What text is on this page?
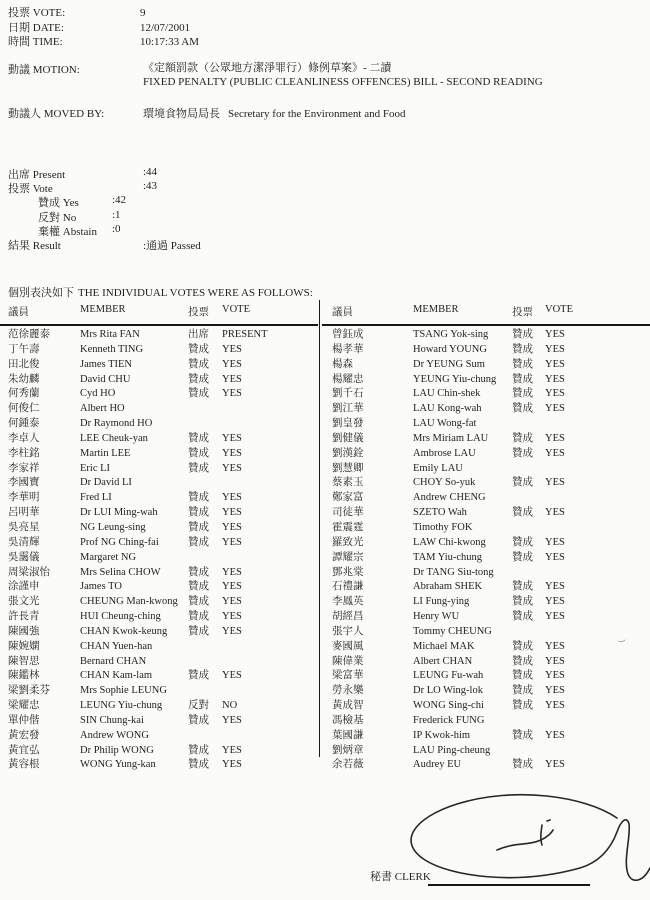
投票 VOTE:	9
日期 DATE:	12/07/2001
時間 TIME:	10:17:33 AM
動議 MOTION:	《定額罰款（公眾地方潔淨罪行）條例草案》- 二讀
FIXED PENALTY (PUBLIC CLEANLINESS OFFENCES) BILL - SECOND READING
動議人 MOVED BY:	環境食物局局長 Secretary for the Environment and Food
出席 Present	:44
投票 Vote	:43
贊成 Yes	:42
反對 No	:1
棄權 Abstain :0
結果 Result	:通過 Passed
個別表決如下 THE INDIVIDUAL VOTES WERE AS FOLLOWS:
議員	MEMBER	投票	VOTE
范徐麗泰	Mrs Rita FAN	出席	PRESENT
丁午壽	Kenneth TING	贊成	YES
田北俊	James TIEN	贊成	YES
朱幼麟	David CHU	贊成	YES
何秀蘭	Cyd HO	贊成	YES
何俊仁	Albert HO
何鍾泰	Dr Raymond HO
李卓人	LEE Cheuk-yan	贊成	YES
李柱銘	Martin LEE	贊成	YES
李家祥	Eric LI	贊成	YES
李國寶	Dr David LI
李華明	Fred LI	贊成	YES
呂明華	Dr LUI Ming-wah	贊成	YES
吳亮星	NG Leung-sing	贊成	YES
吳清輝	Prof NG Ching-fai	贊成	YES
吳靄儀	Margaret NG
周梁淑怡	Mrs Selina CHOW	贊成	YES
涂謹申	James TO	贊成	YES
張文光	CHEUNG Man-kwong 贊成	YES
許長青	HUI Cheung-ching	贊成	YES
陳國強	CHAN Kwok-keung	贊成	YES
陳婉嫻	CHAN Yuen-han
陳智思	Bernard CHAN
陳鑑林	CHAN Kam-lam	贊成	YES
梁劉柔芬	Mrs Sophie LEUNG
梁耀忠	LEUNG Yiu-chung	反對	NO
單仲偕	SIN Chung-kai	贊成	YES
黃宏發	Andrew WONG
黃宜弘	Dr Philip WONG	贊成	YES
黃容根	WONG Yung-kan	贊成	YES
議員	MEMBER	投票	VOTE
曾鈺成	TSANG Yok-sing	贊成	YES
楊孝華	Howard YOUNG	贊成	YES
楊森	Dr YEUNG Sum	贊成	YES
楊耀忠	YEUNG Yiu-chung	贊成	YES
劉千石	LAU Chin-shek	贊成	YES
劉江華	LAU Kong-wah	贊成	YES
劉皇發	LAU Wong-fat
劉健儀	Mrs Miriam LAU	贊成	YES
劉漢銓	Ambrose LAU	贊成	YES
劉慧卿	Emily LAU
蔡素玉	CHOY So-yuk	贊成	YES
鄭家富	Andrew CHENG
司徒華	SZETO Wah	贊成	YES
霍震霆	Timothy FOK
羅致光	LAW Chi-kwong	贊成	YES
譚耀宗	TAM Yiu-chung	贊成	YES
鄧兆棠	Dr TANG Siu-tong
石禮謙	Abraham SHEK	贊成	YES
李鳳英	LI Fung-ying	贊成	YES
胡經昌	Henry WU	贊成	YES
張宇人	Tommy CHEUNG
麥國風	Michael MAK	贊成	YES
陳偉業	Albert CHAN	贊成	YES
梁富華	LEUNG Fu-wah	贊成	YES
勞永樂	Dr LO Wing-lok	贊成	YES
黃成智	WONG Sing-chi	贊成	YES
馮檢基	Frederick FUNG
葉國謙	IP Kwok-him	贊成	YES
劉炳章	LAU Ping-cheung
余若薇	Audrey EU	贊成	YES
秘書 CLERK
